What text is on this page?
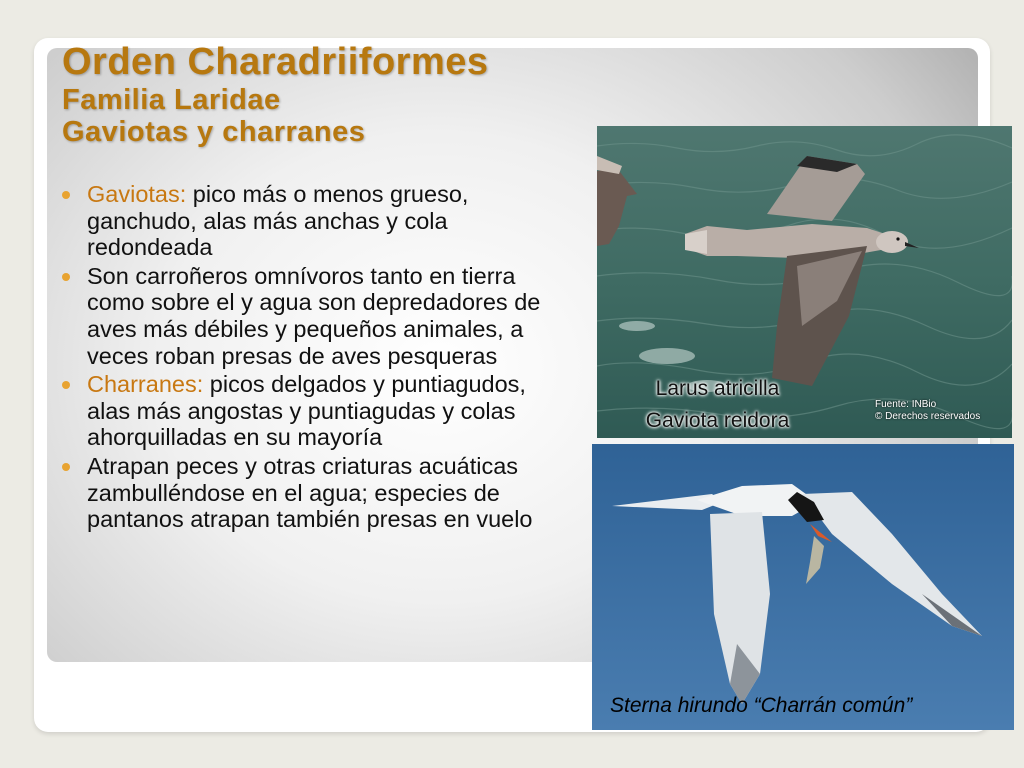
Orden Charadriiformes
Familia Laridae
Gaviotas y charranes
Gaviotas: pico más o menos grueso, ganchudo, alas más anchas y cola redondeada
Son carroñeros omnívoros tanto en tierra como sobre el y agua son depredadores de aves más débiles y pequeños animales, a veces roban presas de aves pesqueras
Charranes: picos delgados y puntiagudos, alas más angostas y puntiagudas y colas ahorquilladas en su mayoría
Atrapan peces y otras criaturas acuáticas zambulléndose en el agua; especies de pantanos atrapan también presas en vuelo
Larus atricilla
Gaviota reidora
Fuente: INBio
© Derechos reservados
Sterna hirundo “Charrán común”
